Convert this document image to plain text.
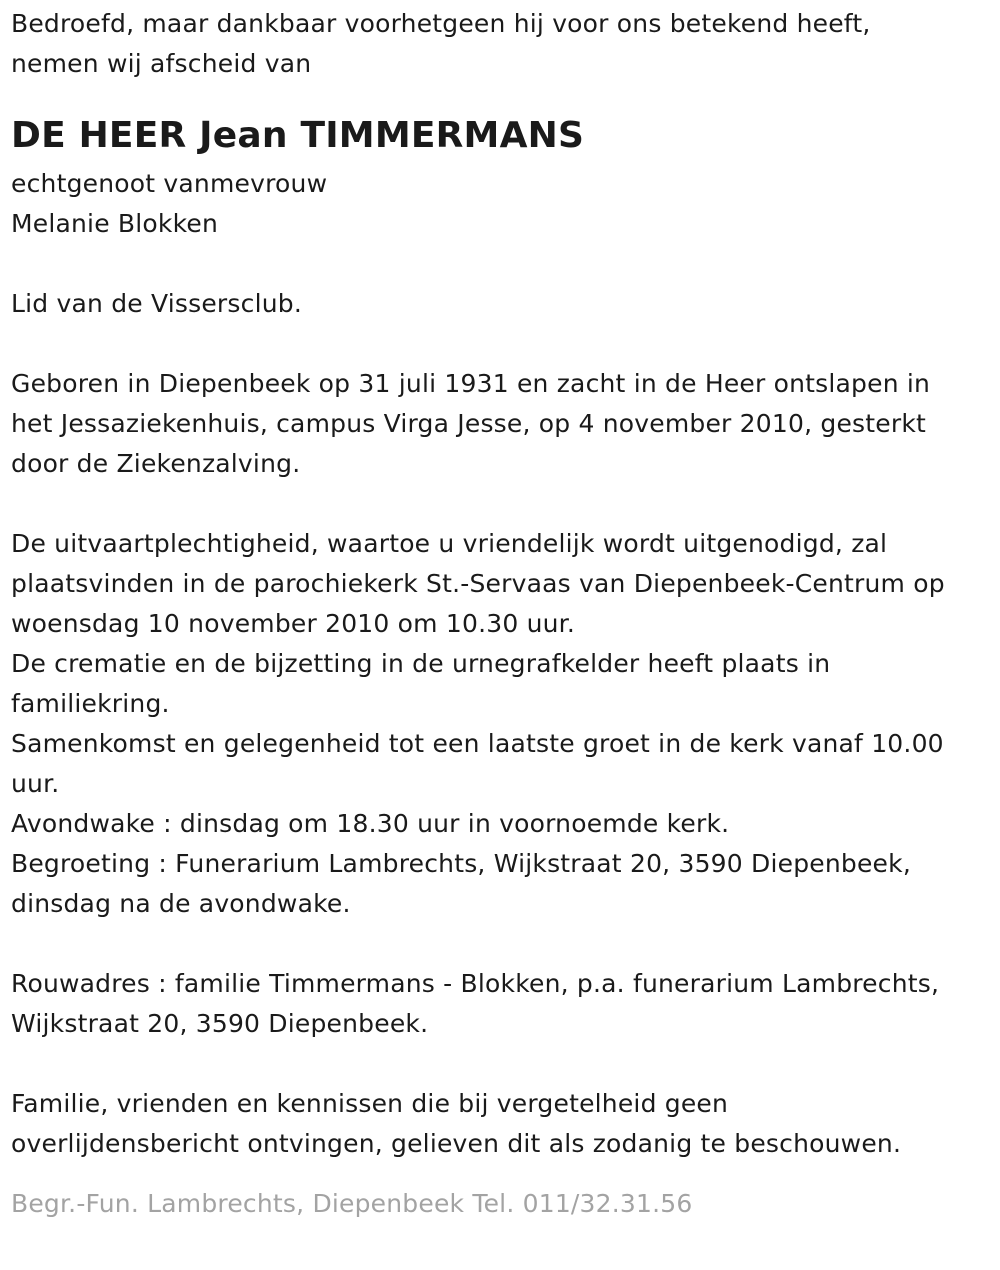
Bedroefd, maar dankbaar voorhetgeen hij voor ons betekend heeft,
nemen wij afscheid van
DE HEER Jean TIMMERMANS
echtgenoot vanmevrouw
Melanie Blokken
Lid van de Vissersclub.
Geboren in Diepenbeek op 31 juli 1931 en zacht in de Heer ontslapen in
het Jessaziekenhuis, campus Virga Jesse, op 4 november 2010, gesterkt
door de Ziekenzalving.
De uitvaartplechtigheid, waartoe u vriendelijk wordt uitgenodigd, zal
plaatsvinden in de parochiekerk St.-Servaas van Diepenbeek-Centrum op
woensdag 10 november 2010 om 10.30 uur.
De crematie en de bijzetting in de urnegrafkelder heeft plaats in
familiekring.
Samenkomst en gelegenheid tot een laatste groet in de kerk vanaf 10.00
uur.
Avondwake : dinsdag om 18.30 uur in voornoemde kerk.
Begroeting : Funerarium Lambrechts, Wijkstraat 20, 3590 Diepenbeek,
dinsdag na de avondwake.
Rouwadres : familie Timmermans - Blokken, p.a. funerarium Lambrechts,
Wijkstraat 20, 3590 Diepenbeek.
Familie, vrienden en kennissen die bij vergetelheid geen
overlijdensbericht ontvingen, gelieven dit als zodanig te beschouwen.
Begr.-Fun. Lambrechts, Diepenbeek Tel. 011/32.31.56
